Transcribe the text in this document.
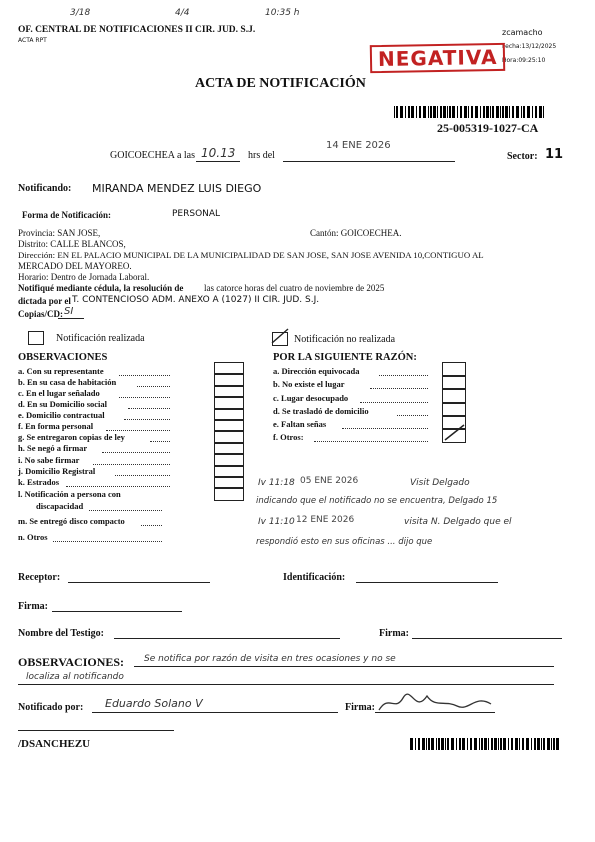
3/18	4/4	10:35 h
OF. CENTRAL DE NOTIFICACIONES II CIR. JUD. S.J.
ACTA RPT
zcamacho
Fecha:13/12/2025
Hora:09:25:10
NEGATIVA
ACTA DE NOTIFICACIÓN
25-005319-1027-CA
GOICOECHEA a las 10.13 hrs del
14 ENE 2026
Sector: 11
Notificando: MIRANDA MENDEZ LUIS DIEGO
Forma de Notificación:	PERSONAL
Provincia: SAN JOSE,	Cantón: GOICOECHEA.
Distrito: CALLE BLANCOS,
Dirección: EN EL PALACIO MUNICIPAL DE LA MUNICIPALIDAD DE SAN JOSE, SAN JOSE AVENIDA 10,CONTIGUO AL
MERCADO DEL MAYOREO.
Horario: Dentro de Jornada Laboral.
Notifiqué mediante cédula, la resolución de las catorce horas del cuatro de noviembre de 2025
dictada por el T. CONTENCIOSO ADM. ANEXO A (1027) II CIR. JUD. S.J.
Copias/CD: SI
Notificación realizada	Notificación no realizada
OBSERVACIONES
a. Con su representante
b. En su casa de habitación
c. En el lugar señalado
d. En su Domicilio social
e. Domicilio contractual
f. En forma personal
g. Se entregaron copias de ley
h. Se negó a firmar
i. No sabe firmar
j. Domicilio Registral
k. Estrados
l. Notificación a persona con
discapacidad
m. Se entregó disco compacto
n. Otros
POR LA SIGUIENTE RAZÓN:
a. Dirección equivocada
b. No existe el lugar
c. Lugar desocupado
d. Se trasladó de domicilio
e. Faltan señas
f. Otros:
Iv 11:18 05 ENE 2026	Visit Delgado
indicando que el notificado no se encuentra, Delgado 15
Iv 11:10 12 ENE 2026	visita N. Delgado que el
respondió esto en sus oficinas ... dijo que
Receptor:	Identificación:
Firma:
Nombre del Testigo:	Firma:
OBSERVACIONES: Se notifica por razón de visita en tres ocasiones y no se
localiza al notificando
Notificado por: Eduardo Solano V	Firma:
/DSANCHEZU
